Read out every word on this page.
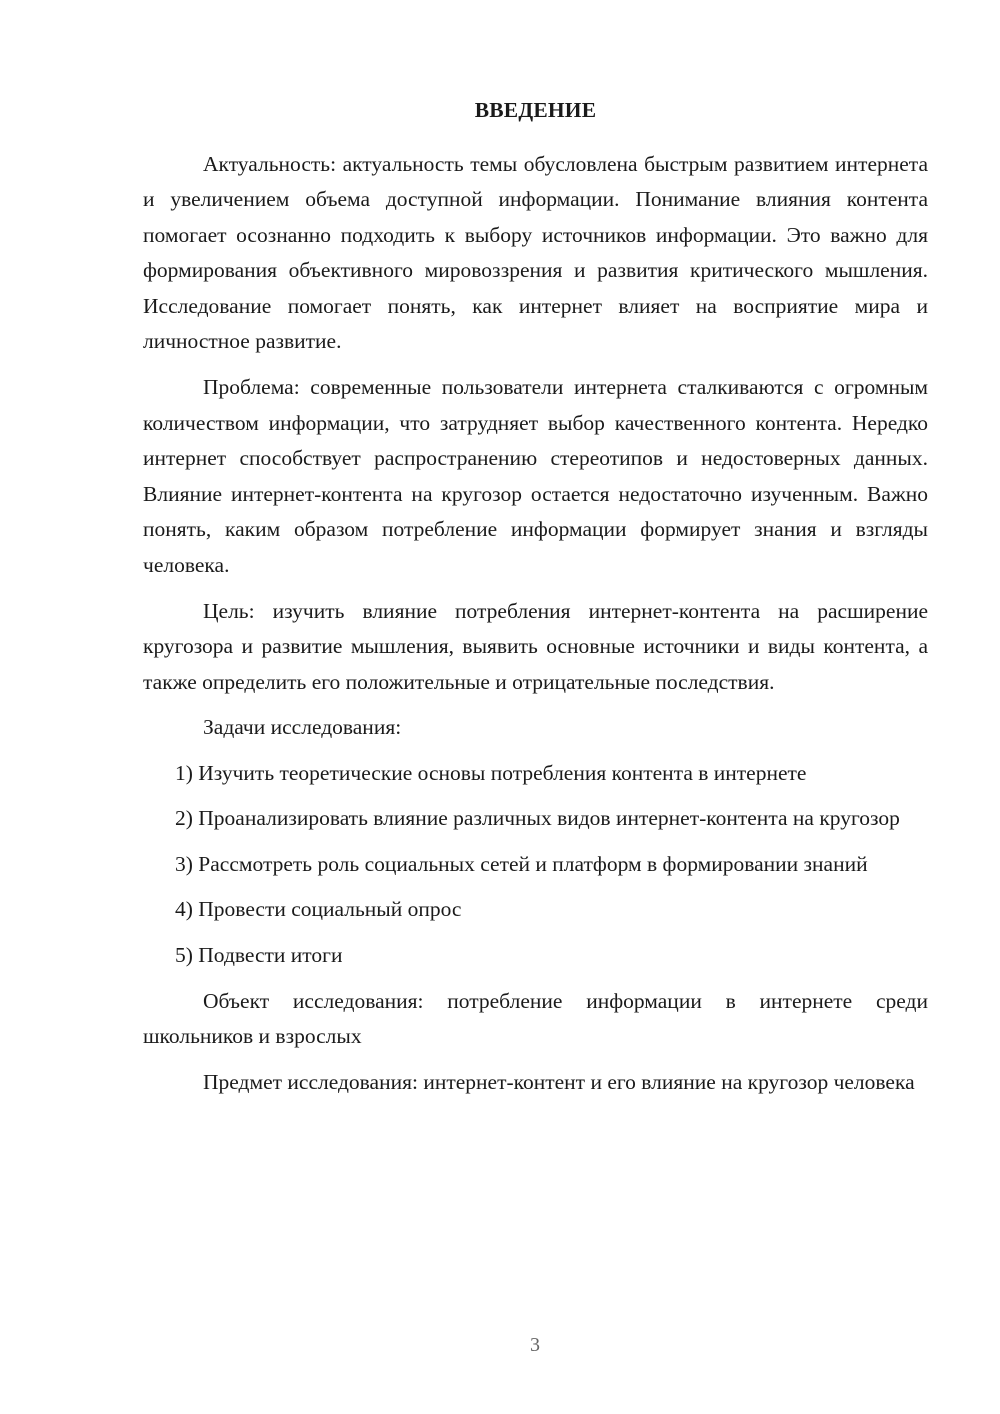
ВВЕДЕНИЕ

Актуальность: актуальность темы обусловлена быстрым развитием интернета и увеличением объема доступной информации. Понимание влияния контента помогает осознанно подходить к выбору источников информации. Это важно для формирования объективного мировоззрения и развития критического мышления. Исследование помогает понять, как интернет влияет на восприятие мира и личностное развитие.

Проблема: современные пользователи интернета сталкиваются с огромным количеством информации, что затрудняет выбор качественного контента. Нередко интернет способствует распространению стереотипов и недостоверных данных. Влияние интернет-контента на кругозор остается недостаточно изученным. Важно понять, каким образом потребление информации формирует знания и взгляды человека.

Цель: изучить влияние потребления интернет-контента на расширение кругозора и развитие мышления, выявить основные источники и виды контента, а также определить его положительные и отрицательные последствия.

Задачи исследования:

1) Изучить теоретические основы потребления контента в интернете

2) Проанализировать влияние различных видов интернет-контента на кругозор

3) Рассмотреть роль социальных сетей и платформ в формировании знаний

4) Провести социальный опрос

5) Подвести итоги

Объект исследования: потребление информации в интернете среди школьников и взрослых

Предмет исследования: интернет-контент и его влияние на кругозор человека

3
